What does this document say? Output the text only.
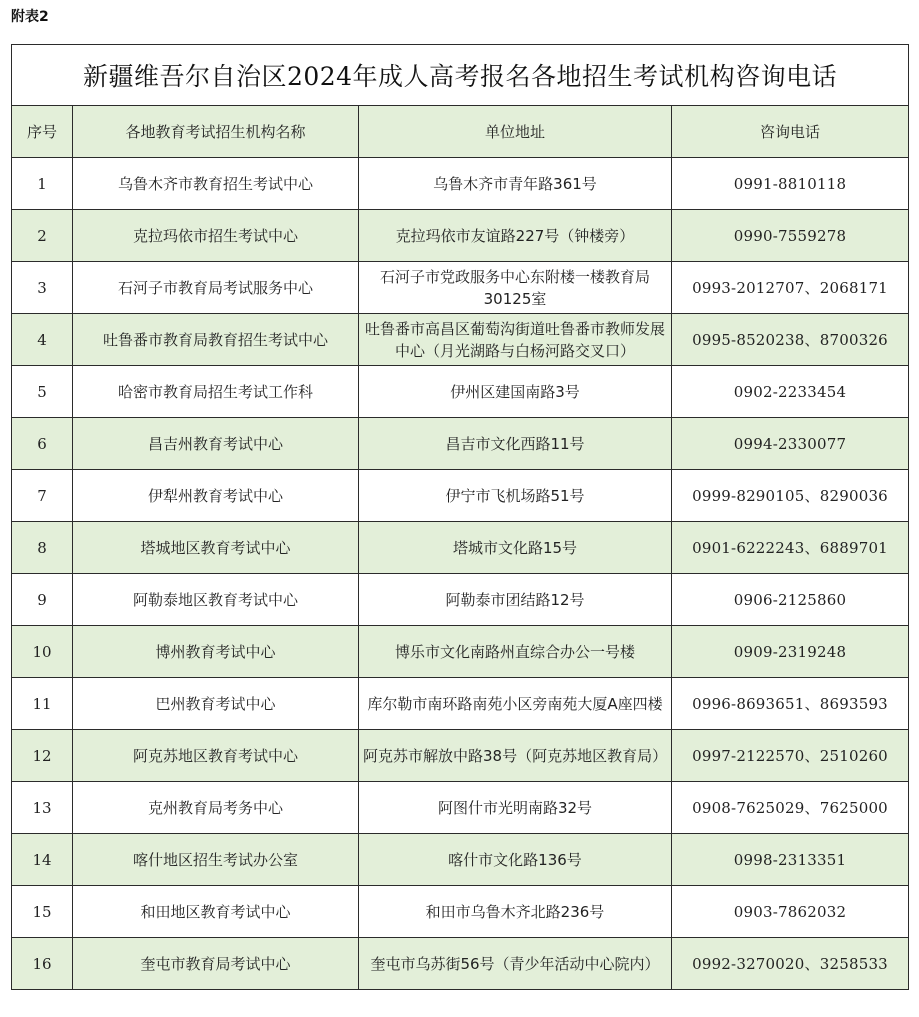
附表2
新疆维吾尔自治区2024年成人高考报名各地招生考试机构咨询电话			
序号	各地教育考试招生机构名称	单位地址	咨询电话
1	乌鲁木齐市教育招生考试中心	乌鲁木齐市青年路361号	0991-8810118
2	克拉玛依市招生考试中心	克拉玛依市友谊路227号（钟楼旁）	0990-7559278
3	石河子市教育局考试服务中心	石河子市党政服务中心东附楼一楼教育局30125室	0993-2012707、2068171
4	吐鲁番市教育局教育招生考试中心	吐鲁番市高昌区葡萄沟街道吐鲁番市教师发展中心（月光湖路与白杨河路交叉口）	0995-8520238、8700326
5	哈密市教育局招生考试工作科	伊州区建国南路3号	0902-2233454
6	昌吉州教育考试中心	昌吉市文化西路11号	0994-2330077
7	伊犁州教育考试中心	伊宁市飞机场路51号	0999-8290105、8290036
8	塔城地区教育考试中心	塔城市文化路15号	0901-6222243、6889701
9	阿勒泰地区教育考试中心	阿勒泰市团结路12号	0906-2125860
10	博州教育考试中心	博乐市文化南路州直综合办公一号楼	0909-2319248
11	巴州教育考试中心	库尔勒市南环路南苑小区旁南苑大厦A座四楼	0996-8693651、8693593
12	阿克苏地区教育考试中心	阿克苏市解放中路38号（阿克苏地区教育局）	0997-2122570、2510260
13	克州教育局考务中心	阿图什市光明南路32号	0908-7625029、7625000
14	喀什地区招生考试办公室	喀什市文化路136号	0998-2313351
15	和田地区教育考试中心	和田市乌鲁木齐北路236号	0903-7862032
16	奎屯市教育局考试中心	奎屯市乌苏街56号（青少年活动中心院内）	0992-3270020、3258533
